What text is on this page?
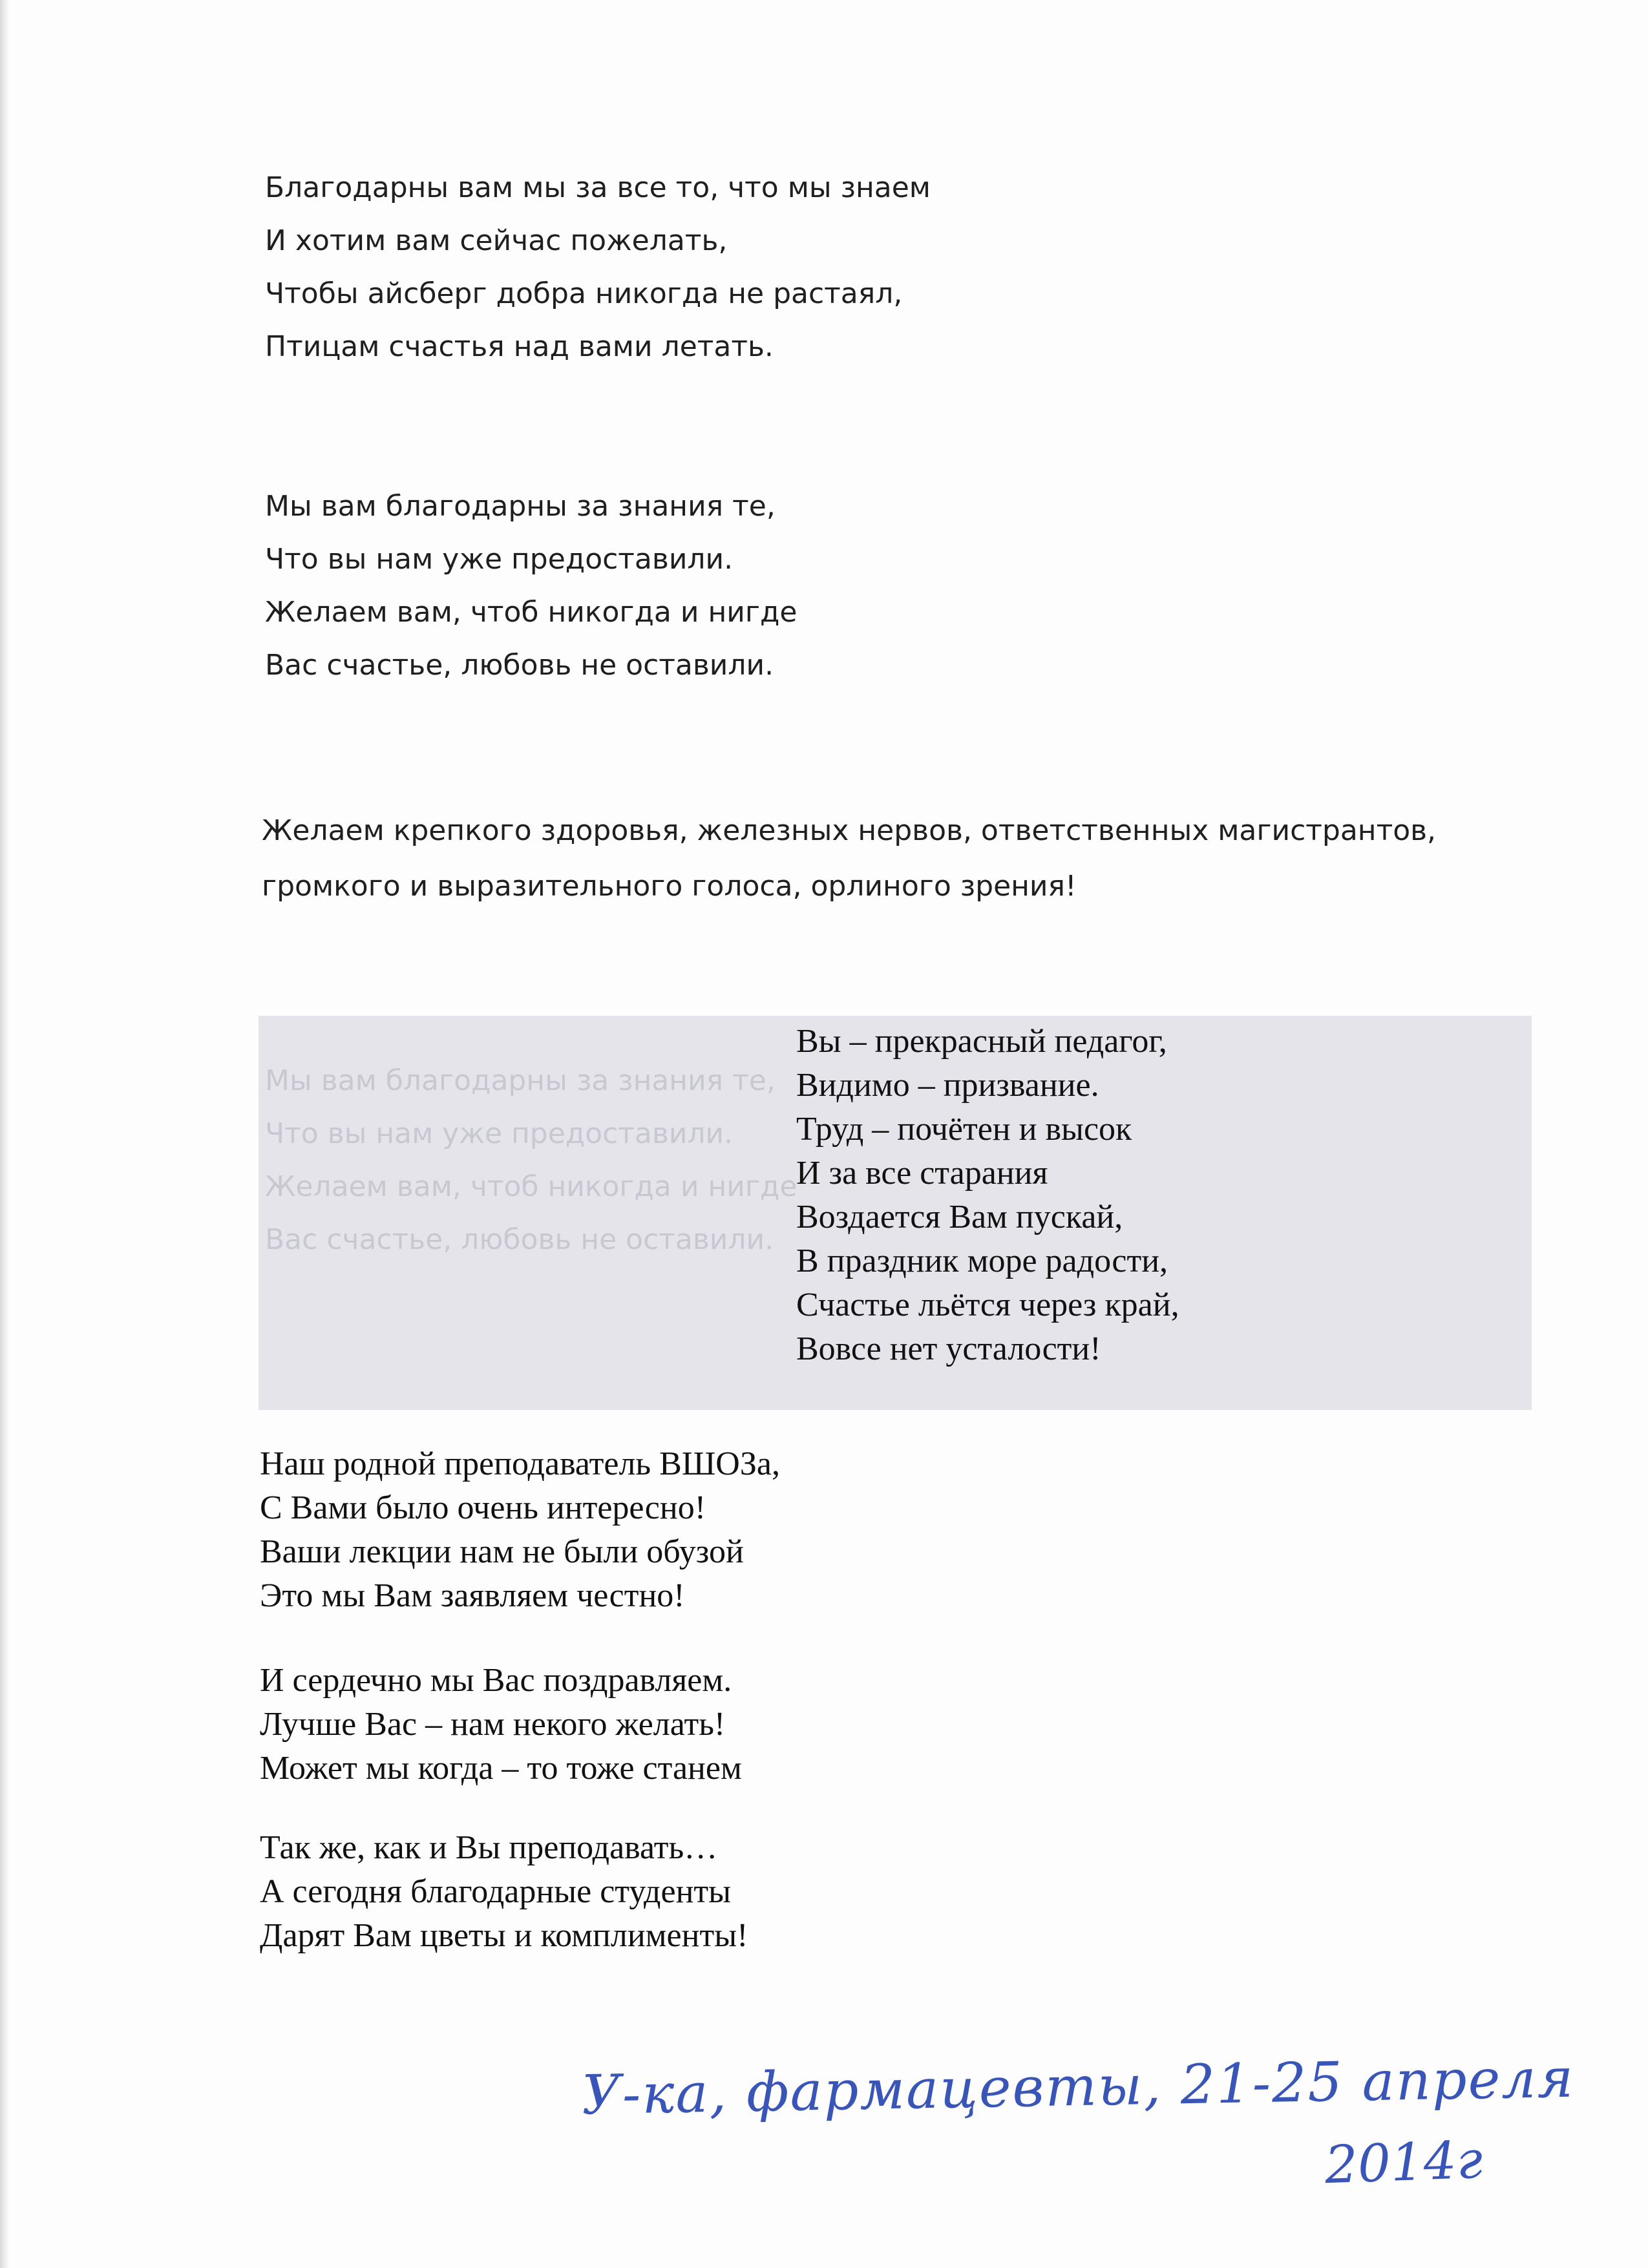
Благодарны вам мы за все то, что мы знаем
И хотим вам сейчас пожелать,
Чтобы айсберг добра никогда не растаял,
Птицам счастья над вами летать.

Мы вам благодарны за знания те,
Что вы нам уже предоставили.
Желаем вам, чтоб никогда и нигде
Вас счастье, любовь не оставили.

Желаем крепкого здоровья, железных нервов, ответственных магистрантов,
громкого и выразительного голоса, орлиного зрения!

Мы вам благодарны за знания те,
Что вы нам уже предоставили.
Желаем вам, чтоб никогда и нигде
Вас счастье, любовь не оставили.

Вы – прекрасный педагог,
Видимо – призвание.
Труд – почётен и высок
И за все старания
Воздается Вам пускай,
В праздник море радости,
Счастье льётся через край,
Вовсе нет усталости!

Наш родной преподаватель ВШОЗа,
С Вами было очень интересно!
Ваши лекции нам не были обузой
Это мы Вам заявляем честно!

И сердечно мы Вас поздравляем.
Лучше Вас – нам некого желать!
Может мы когда – то тоже станем

Так же, как и Вы преподавать…
А сегодня благодарные студенты
Дарят Вам цветы и комплименты!

У-ка, фармацевты, 21-25 апреля
2014г
